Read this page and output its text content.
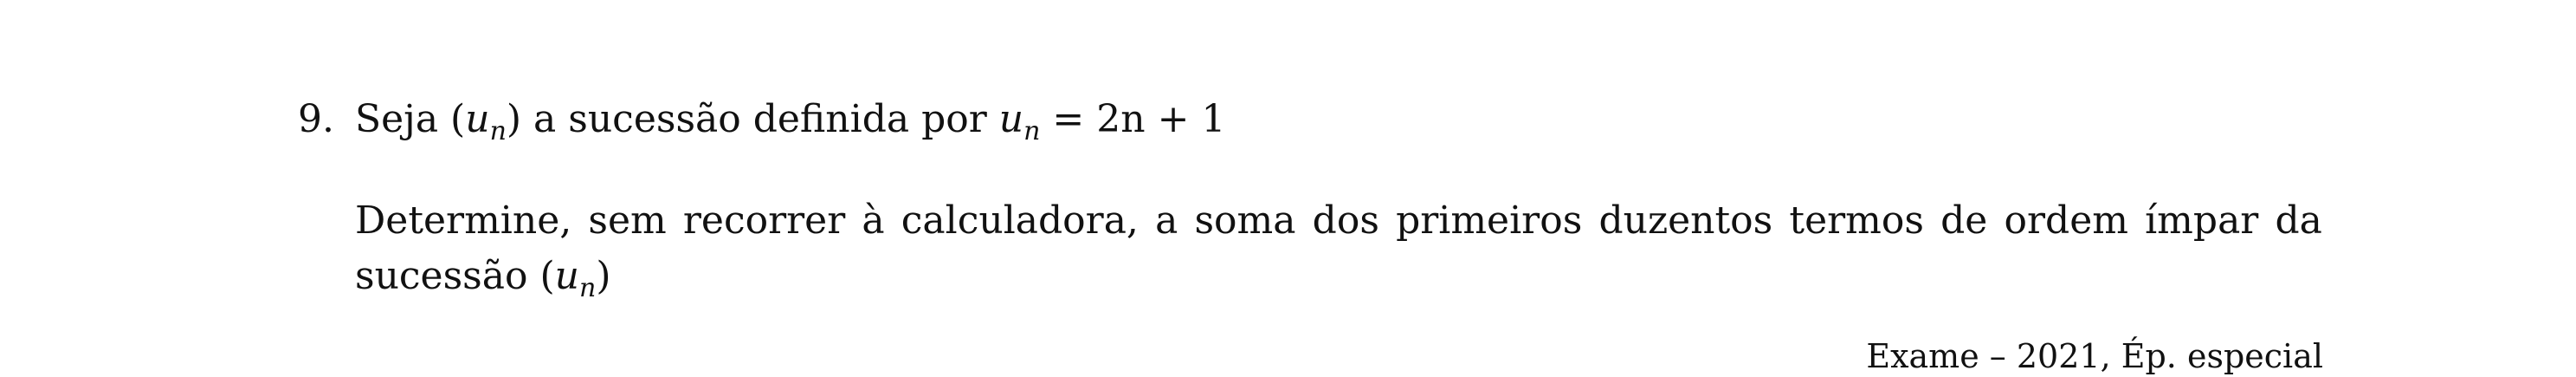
9. Seja $(u_n)$ a sucessão definida por $u_n = 2n + 1$
Determine, sem recorrer à calculadora, a soma dos primeiros duzentos termos de ordem ímpar da
sucessão $(u_n)$
Exame – 2021, Ép. especial
